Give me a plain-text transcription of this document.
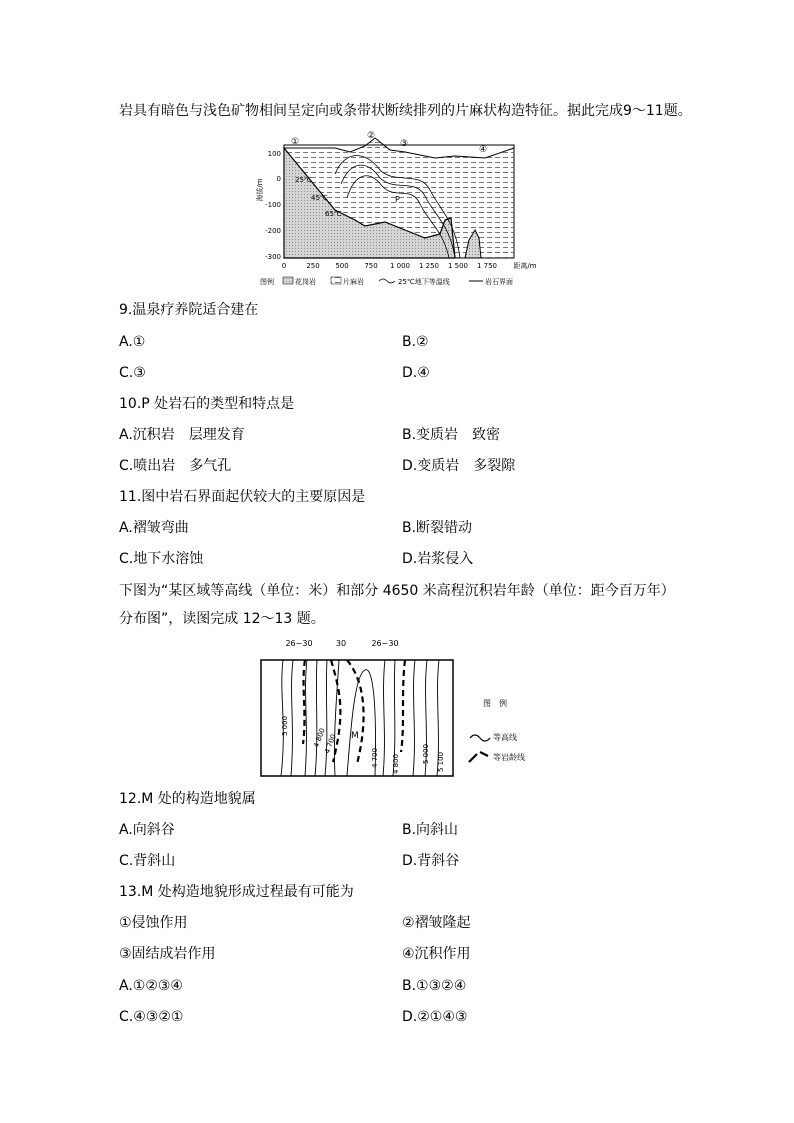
岩具有暗色与浅色矿物相间呈定向或条带状断续排列的片麻状构造特征。据此完成9～11题。
100
0
-100
-200
-300
海拔/m
0	250 500 750 1 000 1 250 1 500 1 750 距离/m
①
②
③
④
25℃
45℃
65℃
P
图例	花岗岩	片麻岩	25℃地下等温线	岩石界面
9.温泉疗养院适合建在
A.①	B.②
C.③	D.④
10.P 处岩石的类型和特点是
A.沉积岩　层理发育	B.变质岩　致密
C.喷出岩　多气孔	D.变质岩　多裂隙
11.图中岩石界面起伏较大的主要原因是
A.褶皱弯曲	B.断裂错动
C.地下水溶蚀	D.岩浆侵入
下图为“某区域等高线（单位：米）和部分 4650 米高程沉积岩年龄（单位：距今百万年）
分布图”，读图完成 12～13 题。
26~30	30	26~30
5 000
4 800
4 700
4 700 4 800	5 000 5 100
M
图　例
等高线
等岩龄线
12.M 处的构造地貌属
A.向斜谷	B.向斜山
C.背斜山	D.背斜谷
13.M 处构造地貌形成过程最有可能为
①侵蚀作用	②褶皱隆起
③固结成岩作用	④沉积作用
A.①②③④	B.①③②④
C.④③②①	D.②①④③
